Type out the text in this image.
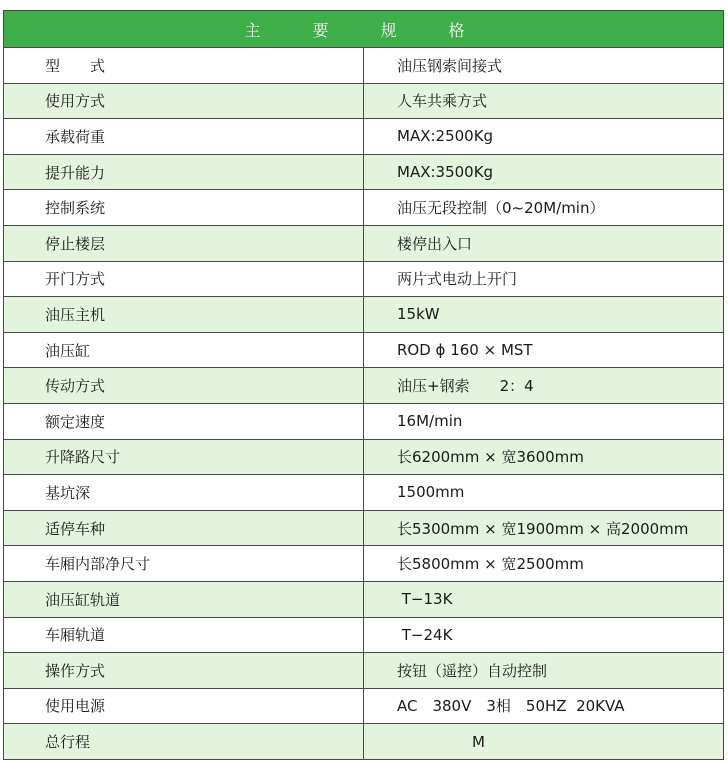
主　要　规　格	
型　　式	油压钢索间接式
使用方式	人车共乘方式
承载荷重	MAX:2500Kg
提升能力	MAX:3500Kg
控制系统	油压无段控制（0~20M/min）
停止楼层	楼停出入口
开门方式	两片式电动上开门
油压主机	15kW
油压缸	ROD ϕ 160 × MST
传动方式	油压+钢索　　2：4
额定速度	16M/min
升降路尺寸	长6200mm × 宽3600mm
基坑深	1500mm
适停车种	长5300mm × 宽1900mm × 高2000mm
车厢内部净尺寸	长5800mm × 宽2500mm
油压缸轨道	T−13K
车厢轨道	T−24K
操作方式	按钮（遥控）自动控制
使用电源	AC　380V　3相　50HZ  20KVA
总行程	　　　　　M
